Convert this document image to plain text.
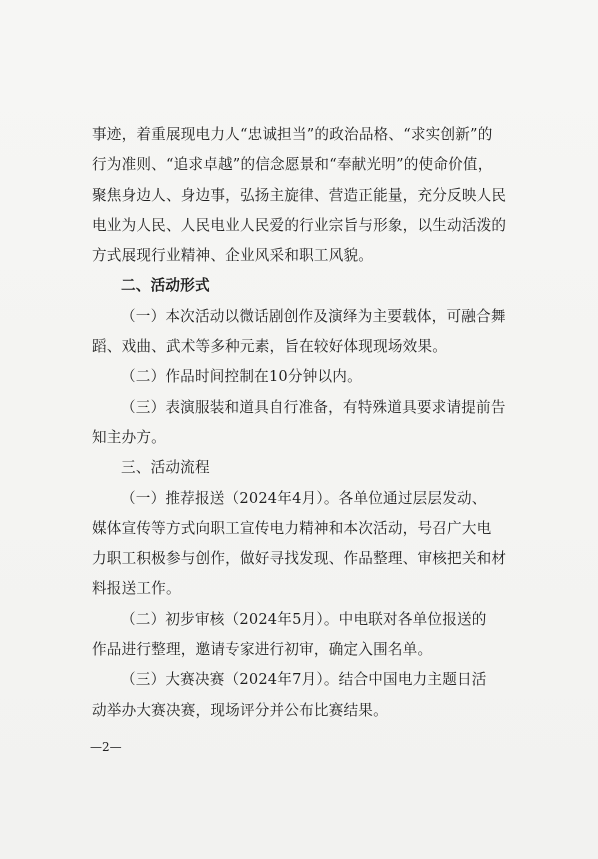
事迹，着重展现电力人“忠诚担当”的政治品格、“求实创新”的
行为准则、“追求卓越”的信念愿景和“奉献光明”的使命价值，
聚焦身边人、身边事，弘扬主旋律、营造正能量，充分反映人民
电业为人民、人民电业人民爱的行业宗旨与形象，以生动活泼的
方式展现行业精神、企业风采和职工风貌。
二、活动形式
（一）本次活动以微话剧创作及演绎为主要载体，可融合舞
蹈、戏曲、武术等多种元素，旨在较好体现现场效果。
（二）作品时间控制在10分钟以内。
（三）表演服装和道具自行准备，有特殊道具要求请提前告
知主办方。
三、活动流程
（一）推荐报送（2024年4月）。各单位通过层层发动、
媒体宣传等方式向职工宣传电力精神和本次活动，号召广大电
力职工积极参与创作，做好寻找发现、作品整理、审核把关和材
料报送工作。
（二）初步审核（2024年5月）。中电联对各单位报送的
作品进行整理，邀请专家进行初审，确定入围名单。
（三）大赛决赛（2024年7月）。结合中国电力主题日活
动举办大赛决赛，现场评分并公布比赛结果。
—2—
